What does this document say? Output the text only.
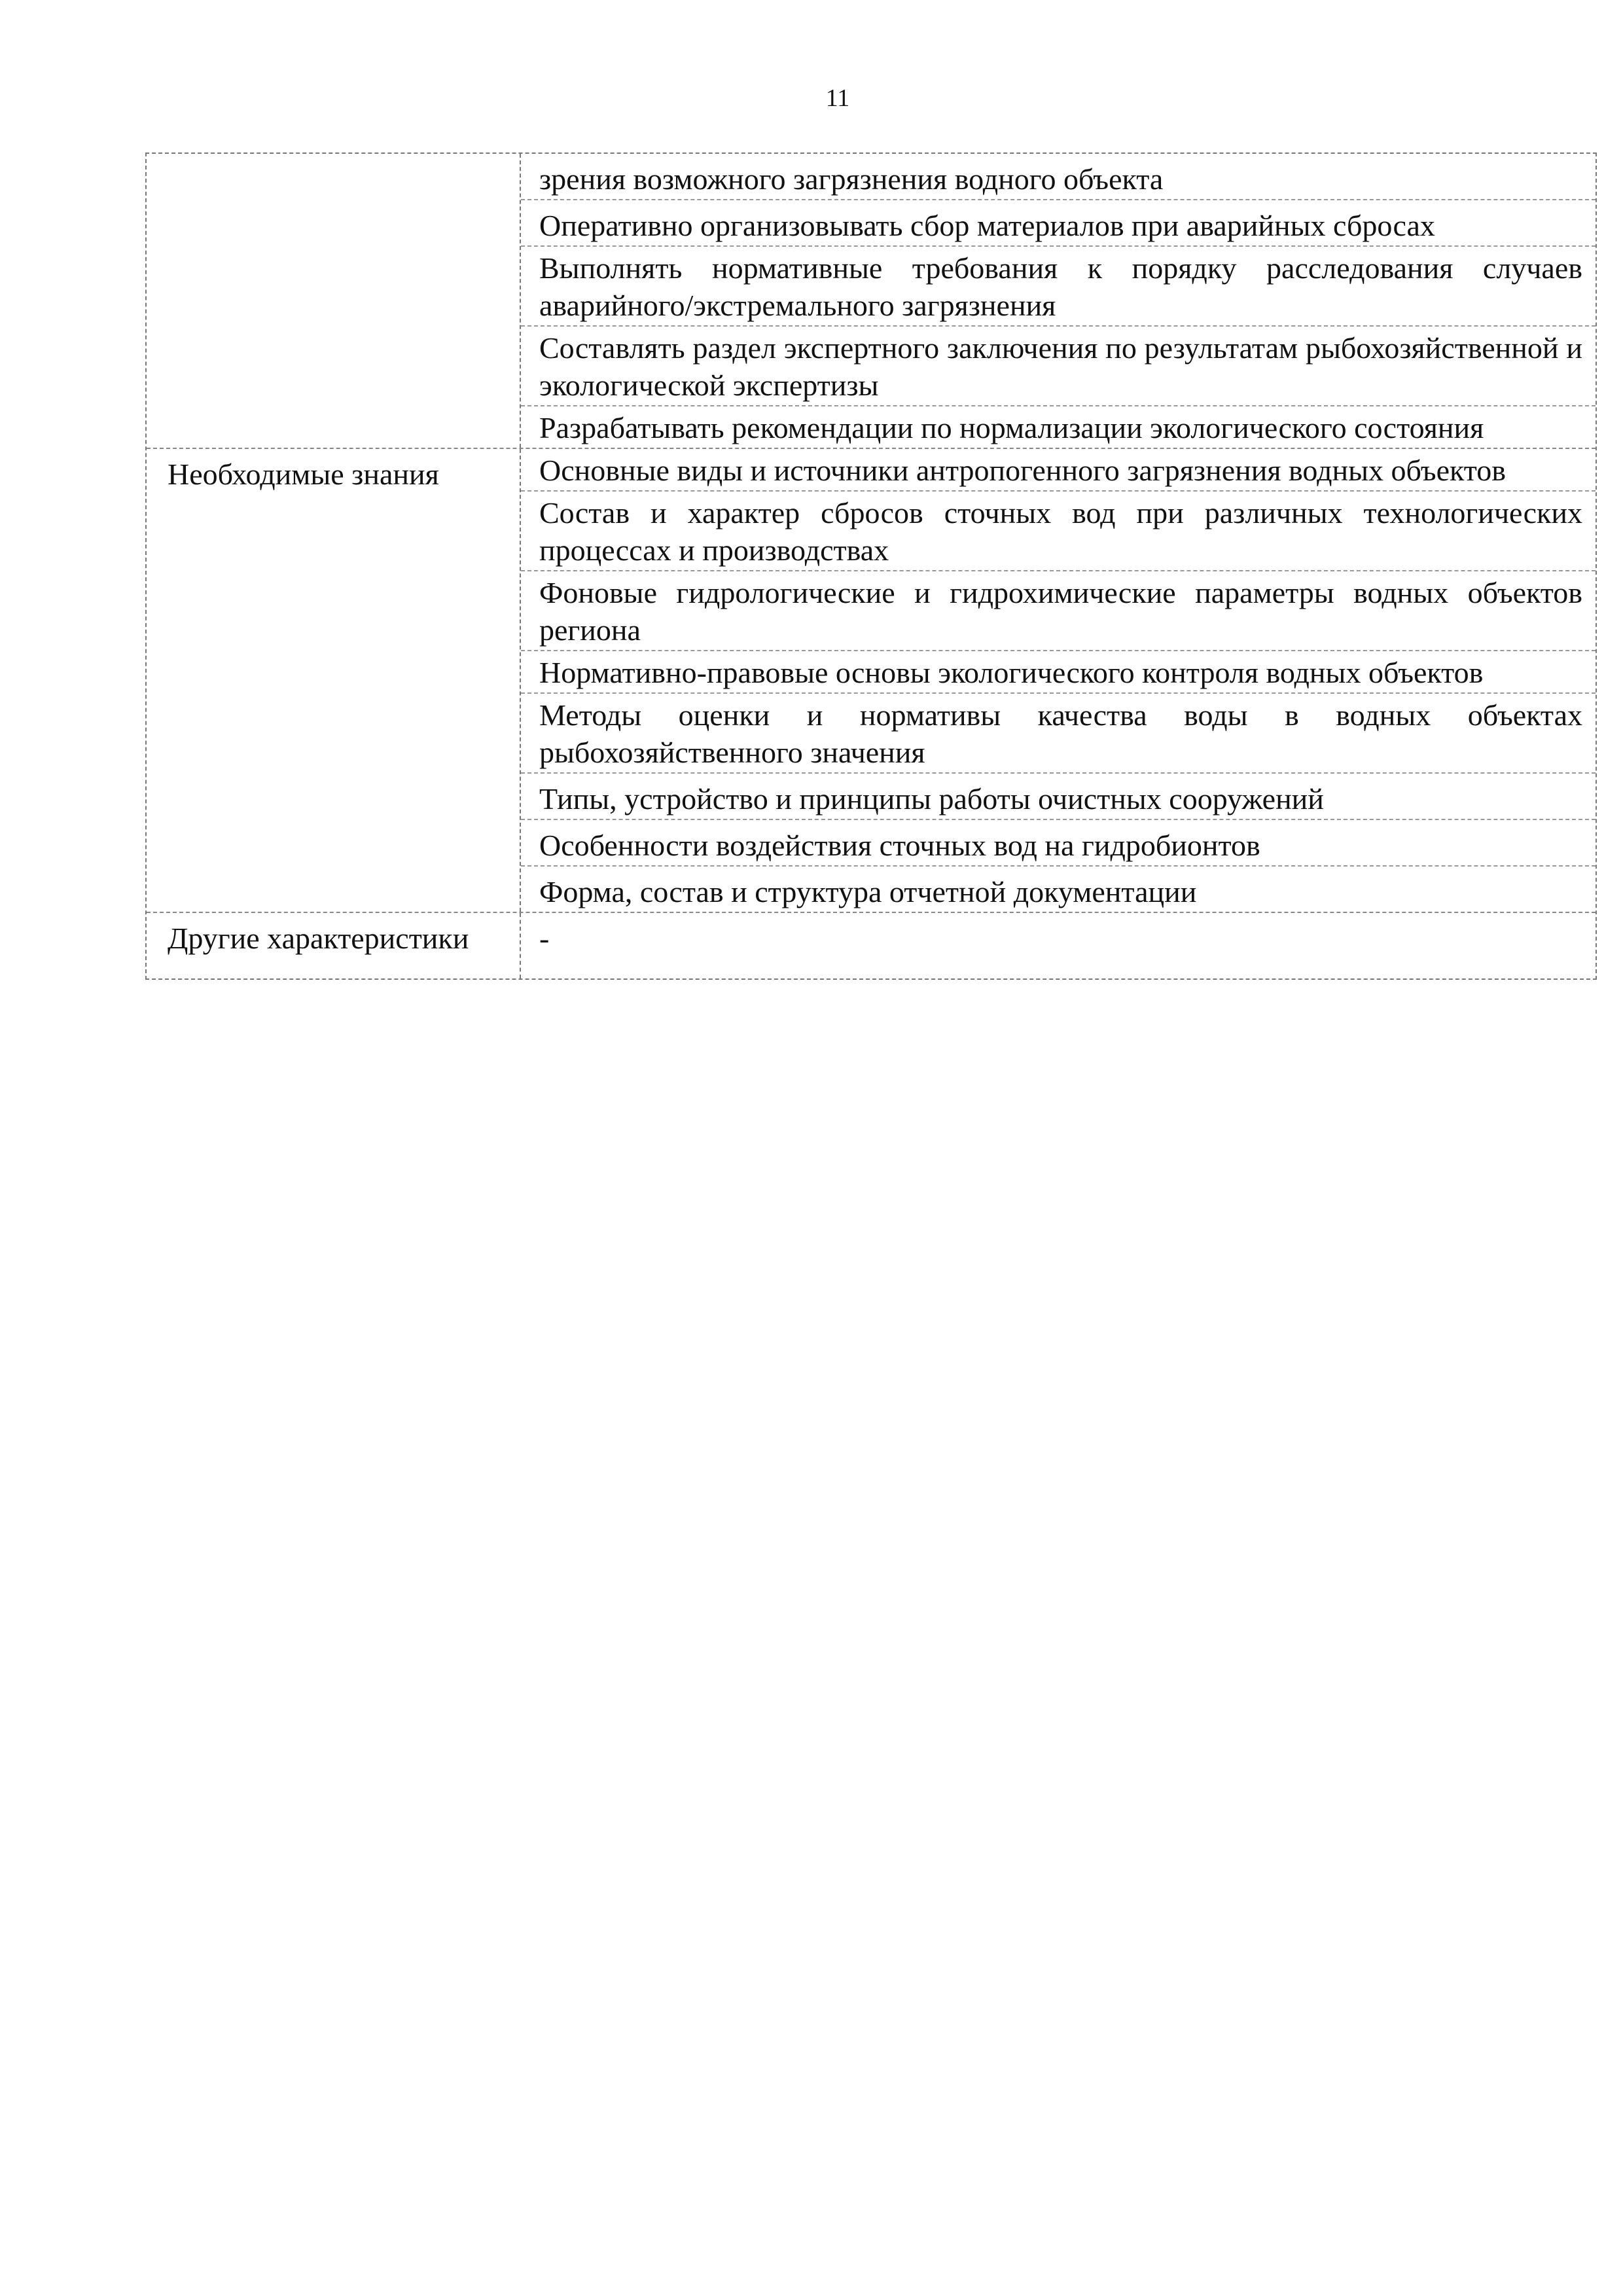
11
зрения возможного загрязнения водного объекта
Оперативно организовывать сбор материалов при аварийных сбросах
Выполнять нормативные требования к порядку расследования случаев аварийного/экстремального загрязнения
Составлять раздел экспертного заключения по результатам рыбохозяйственной и экологической экспертизы
Разрабатывать рекомендации по нормализации экологического состояния
Необходимые знания	Основные виды и источники антропогенного загрязнения водных объектов
Состав и характер сбросов сточных вод при различных технологических процессах и производствах
Фоновые гидрологические и гидрохимические параметры водных объектов региона
Нормативно-правовые основы экологического контроля водных объектов
Методы оценки и нормативы качества воды в водных объектах рыбохозяйственного значения
Типы, устройство и принципы работы очистных сооружений
Особенности воздействия сточных вод на гидробионтов
Форма, состав и структура отчетной документации
Другие характеристики	-
